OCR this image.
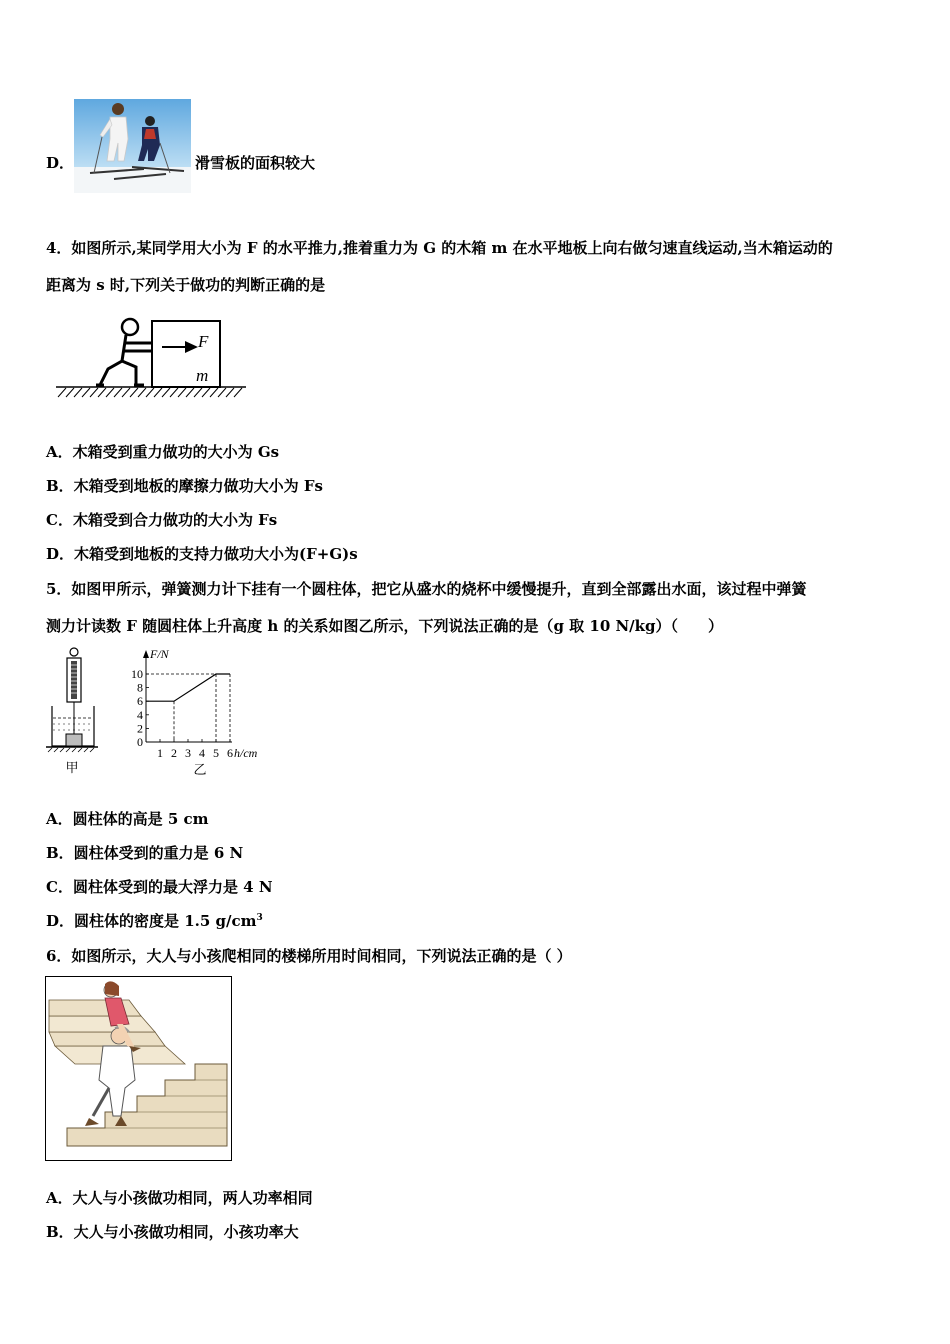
D．	滑雪板的面积较大
4．如图所示,某同学用大小为 F 的水平推力,推着重力为 G 的木箱 m 在水平地板上向右做匀速直线运动,当木箱运动的
距离为 s 时,下列关于做功的判断正确的是
F
m
A．木箱受到重力做功的大小为 Gs
B．木箱受到地板的摩擦力做功大小为 Fs
C．木箱受到合力做功的大小为 Fs
D．木箱受到地板的支持力做功大小为(F+G)s
5．如图甲所示，弹簧测力计下挂有一个圆柱体，把它从盛水的烧杯中缓慢提升，直到全部露出水面，该过程中弹簧
测力计读数 F 随圆柱体上升高度 h 的关系如图乙所示，下列说法正确的是（g 取 10 N/kg）（　　）
甲
0
2
4
6
8
10
1 2 3 4 5 6
F/N
h/cm
乙
A．圆柱体的高是 5 cm
B．圆柱体受到的重力是 6 N
C．圆柱体受到的最大浮力是 4 N
D．圆柱体的密度是 1.5 $g/cm^3$
6．如图所示，大人与小孩爬相同的楼梯所用时间相同，下列说法正确的是（ ）
A．大人与小孩做功相同，两人功率相同
B．大人与小孩做功相同，小孩功率大
